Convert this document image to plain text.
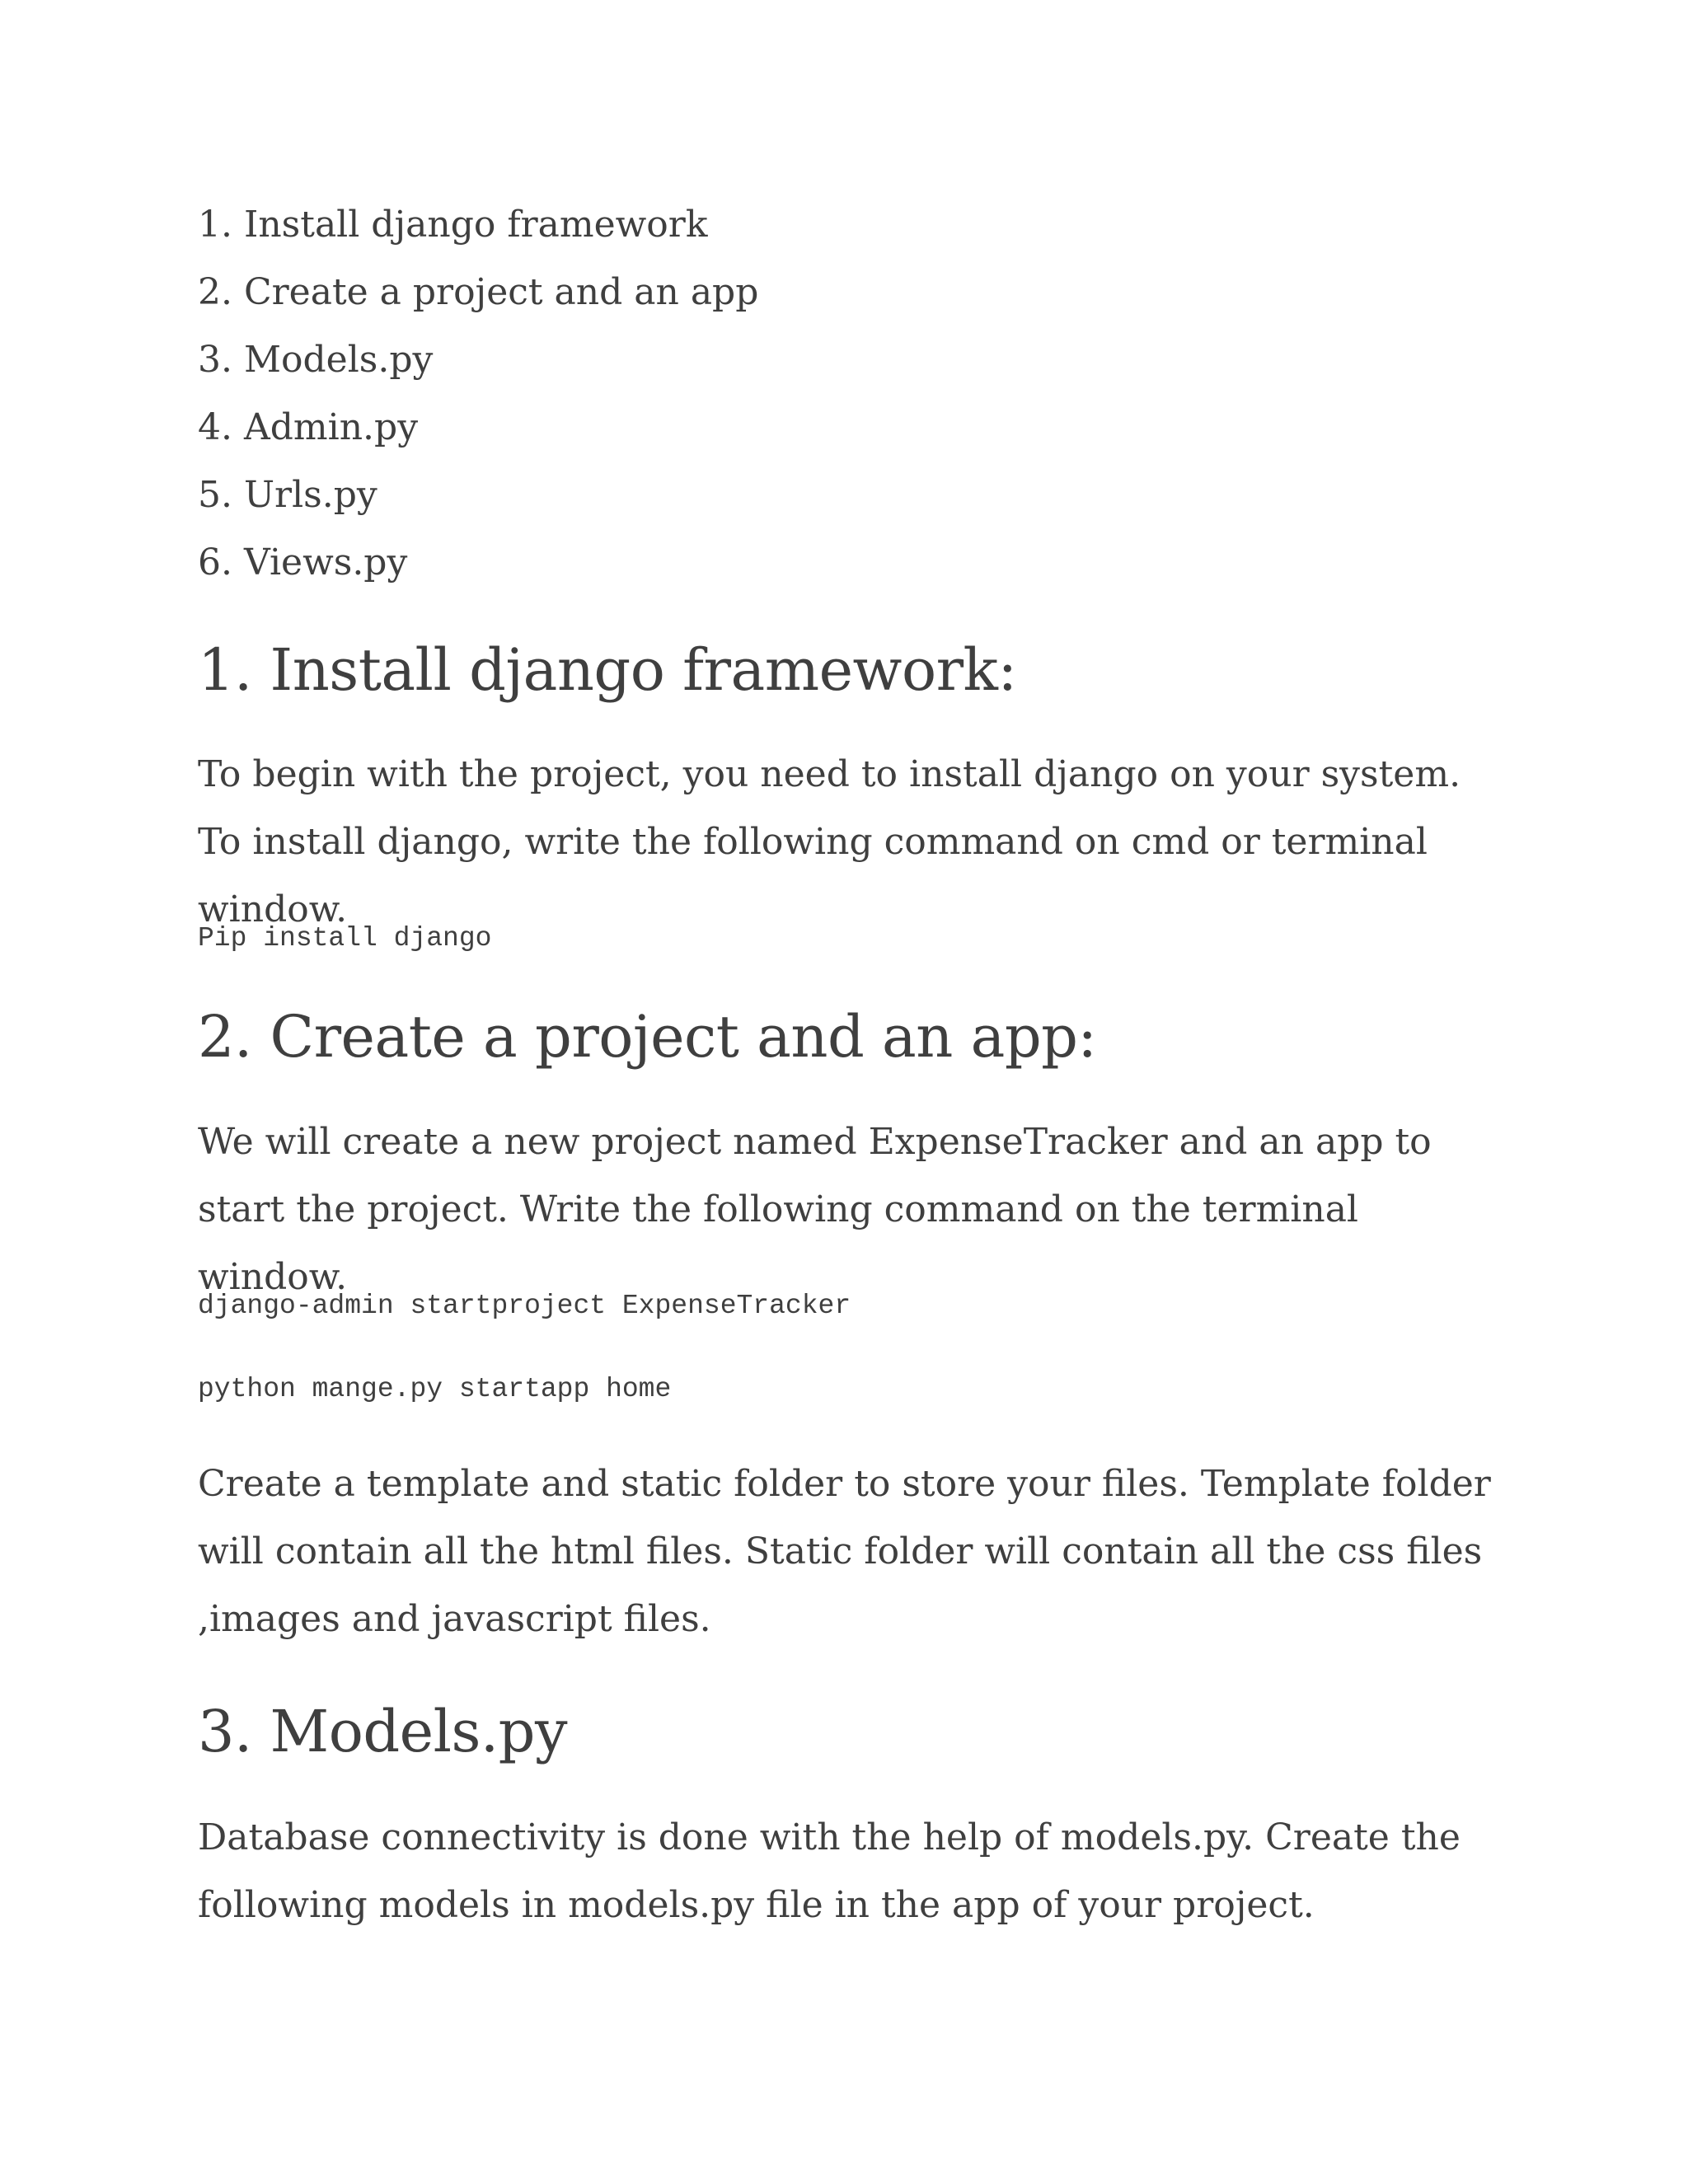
1. Install django framework
2. Create a project and an app
3. Models.py
4. Admin.py
5. Urls.py
6. Views.py
1. Install django framework:

To begin with the project, you need to install django on your system. To install django, write the following command on cmd or terminal window.

Pip install django
2. Create a project and an app:

We will create a new project named ExpenseTracker and an app to start the project. Write the following command on the terminal window.

django-admin startproject ExpenseTracker
python mange.py startapp home

Create a template and static folder to store your files. Template folder will contain all the html files. Static folder will contain all the css files ,images and javascript files.

3. Models.py

Database connectivity is done with the help of models.py. Create the following models in models.py file in the app of your project.
